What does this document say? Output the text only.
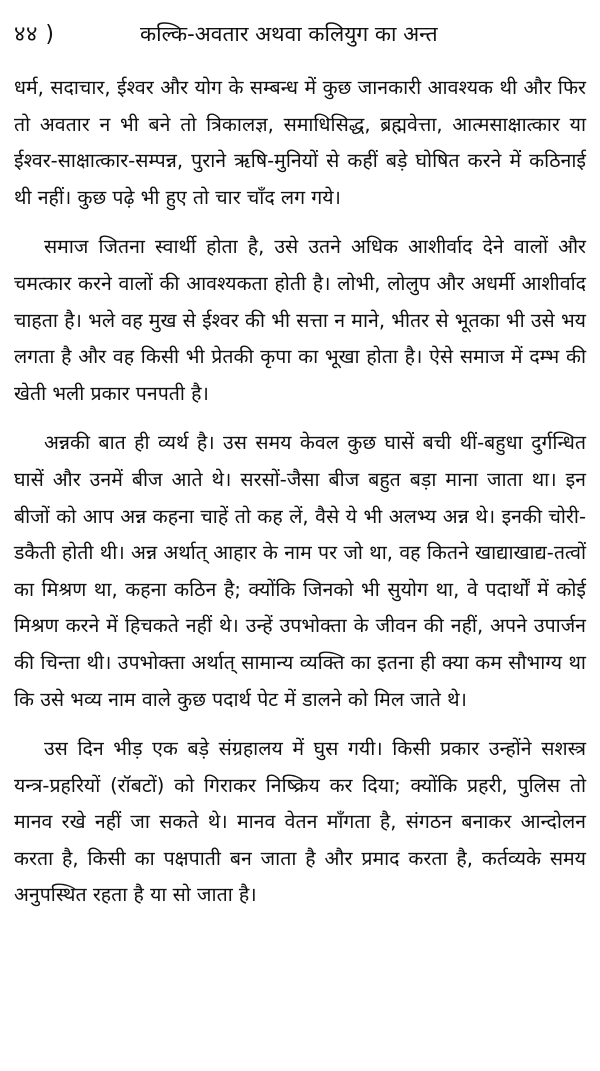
४४ )	कल्कि-अवतार अथवा कलियुग का अन्त

धर्म, सदाचार, ईश्वर और योग के सम्बन्ध में कुछ जानकारी आवश्यक थी और फिर तो अवतार न भी बने तो त्रिकालज्ञ, समाधिसिद्ध, ब्रह्मवेत्ता, आत्मसाक्षात्कार या ईश्वर-साक्षात्कार-सम्पन्न, पुराने ऋषि-मुनियों से कहीं बड़े घोषित करने में कठिनाई थी नहीं। कुछ पढ़े भी हुए तो चार चाँद लग गये।

समाज जितना स्वार्थी होता है, उसे उतने अधिक आशीर्वाद देने वालों और चमत्कार करने वालों की आवश्यकता होती है। लोभी, लोलुप और अधर्मी आशीर्वाद चाहता है। भले वह मुख से ईश्वर की भी सत्ता न माने, भीतर से भूतका भी उसे भय लगता है और वह किसी भी प्रेतकी कृपा का भूखा होता है। ऐसे समाज में दम्भ की खेती भली प्रकार पनपती है।

अन्नकी बात ही व्यर्थ है। उस समय केवल कुछ घासें बची थीं-बहुधा दुर्गन्धित घासें और उनमें बीज आते थे। सरसों-जैसा बीज बहुत बड़ा माना जाता था। इन बीजों को आप अन्न कहना चाहें तो कह लें, वैसे ये भी अलभ्य अन्न थे। इनकी चोरी-डकैती होती थी। अन्न अर्थात् आहार के नाम पर जो था, वह कितने खाद्याखाद्य-तत्वों का मिश्रण था, कहना कठिन है; क्योंकि जिनको भी सुयोग था, वे पदार्थों में कोई मिश्रण करने में हिचकते नहीं थे। उन्हें उपभोक्ता के जीवन की नहीं, अपने उपार्जन की चिन्ता थी। उपभोक्ता अर्थात् सामान्य व्यक्ति का इतना ही क्या कम सौभाग्य था कि उसे भव्य नाम वाले कुछ पदार्थ पेट में डालने को मिल जाते थे।

उस दिन भीड़ एक बड़े संग्रहालय में घुस गयी। किसी प्रकार उन्होंने सशस्त्र यन्त्र-प्रहरियों (रॉबटों) को गिराकर निष्क्रिय कर दिया; क्योंकि प्रहरी, पुलिस तो मानव रखे नहीं जा सकते थे। मानव वेतन माँगता है, संगठन बनाकर आन्दोलन करता है, किसी का पक्षपाती बन जाता है और प्रमाद करता है, कर्तव्यके समय अनुपस्थित रहता है या सो जाता है।
